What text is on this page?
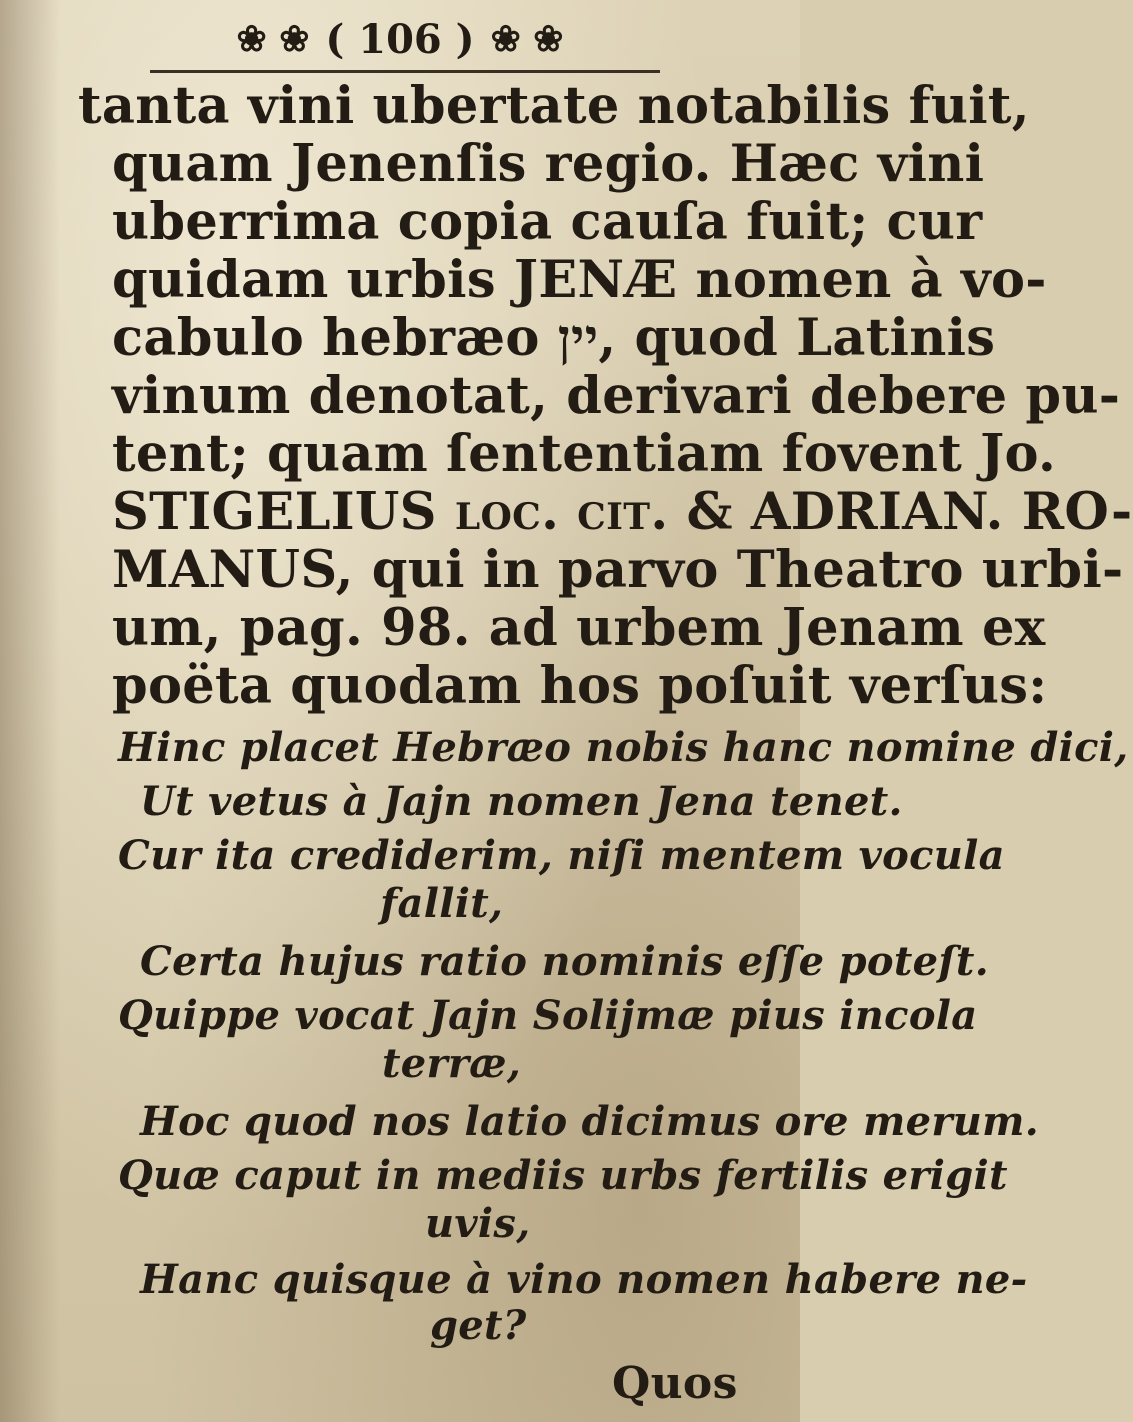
❀ ❀ ( 106 ) ❀ ❀
tanta vini ubertate notabilis fuit,
quam Jenenſis regio. Hæc vini
uberrima copia cauſa fuit; cur
quidam urbis JENÆ nomen à vo-
cabulo hebræo יין, quod Latinis
vinum denotat, derivari debere pu-
tent; quam ſententiam fovent Jo.
STIGELIUS loc. cit. & ADRIAN. RO-
MANUS, qui in parvo Theatro urbi-
um, pag. 98. ad urbem Jenam ex
poëta quodam hos poſuit verſus:
Hinc placet Hebræo nobis hanc nomine dici,
Ut vetus à Jajn nomen Jena tenet.
Cur ita crediderim, niſi mentem vocula
fallit,
Certa hujus ratio nominis eſſe poteſt.
Quippe vocat Jajn Solijmæ pius incola
terræ,
Hoc quod nos latio dicimus ore merum.
Quæ caput in mediis urbs fertilis erigit
uvis,
Hanc quisque à vino nomen habere ne-
get?
Quos
